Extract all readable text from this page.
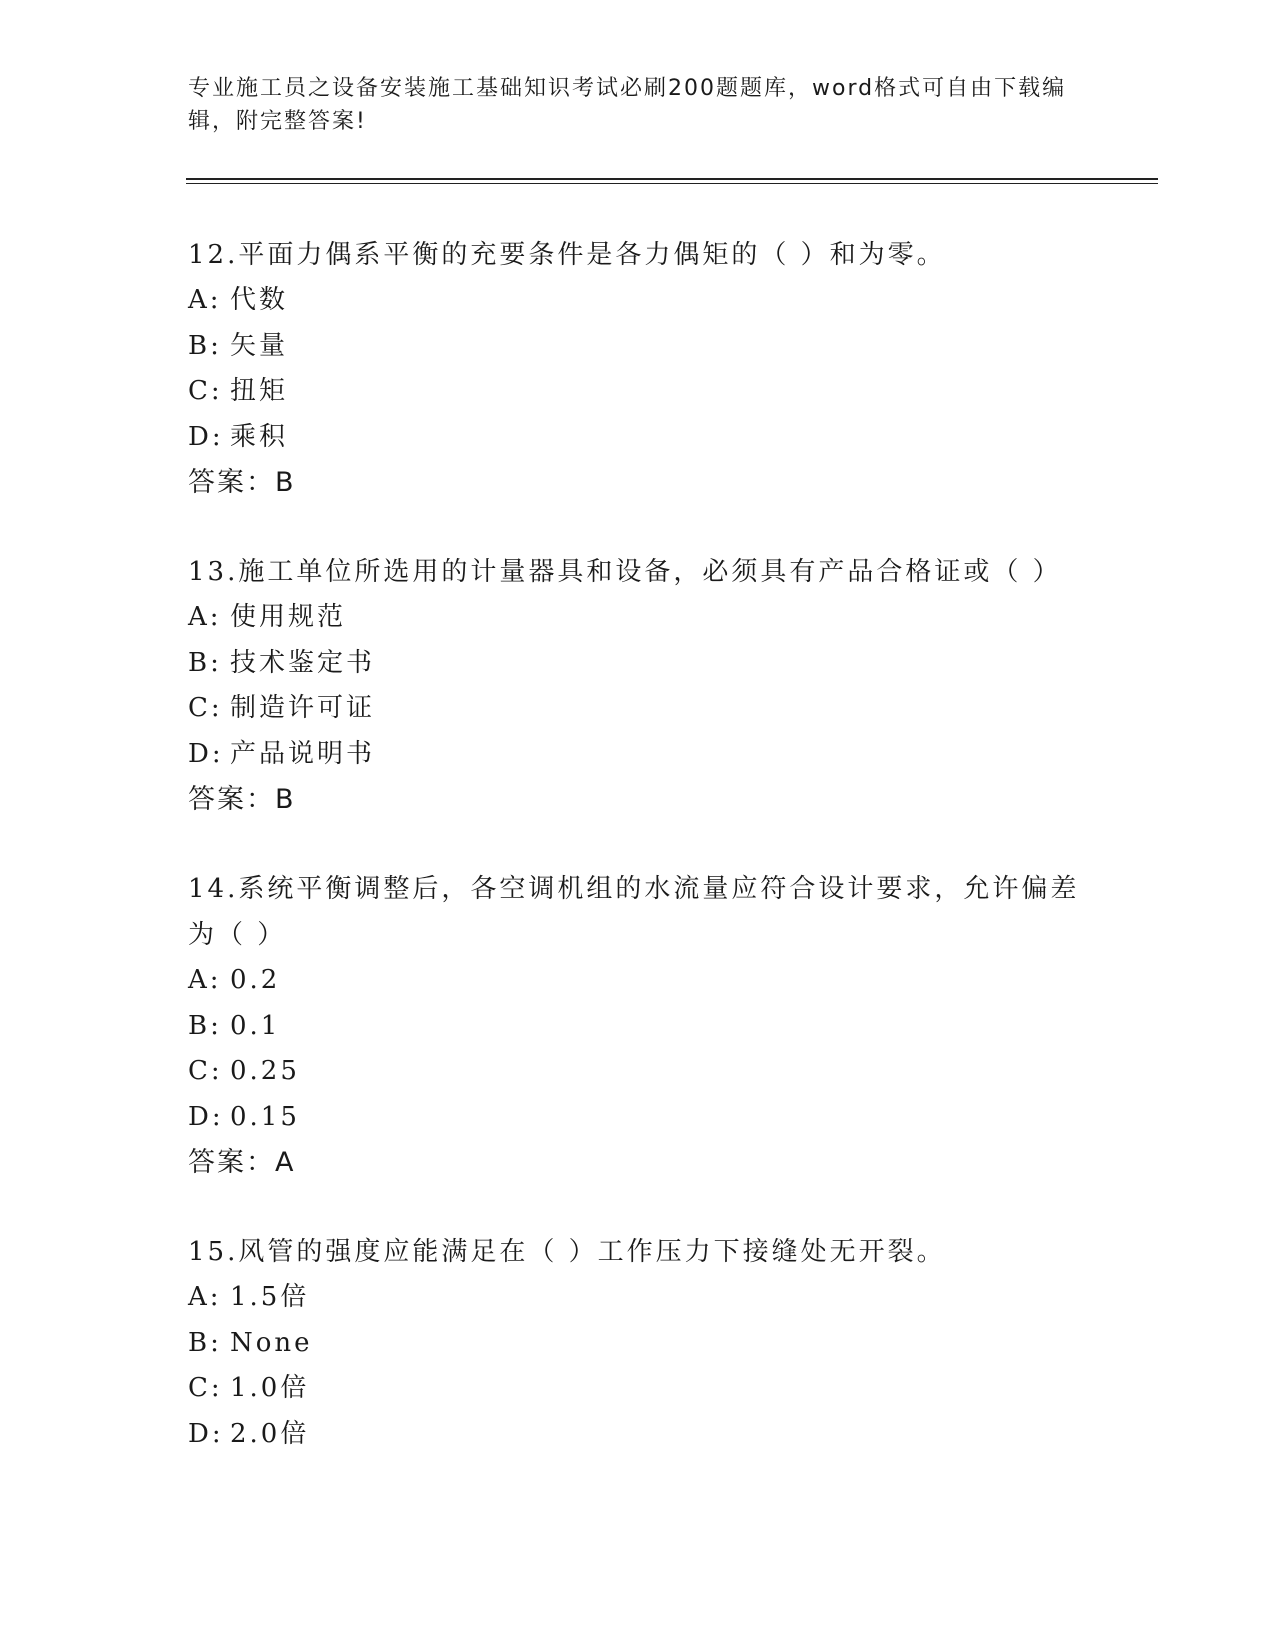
专业施工员之设备安装施工基础知识考试必刷200题题库，word格式可自由下载编辑，附完整答案!
12.平面力偶系平衡的充要条件是各力偶矩的（ ）和为零。
A: 代数
B: 矢量
C: 扭矩
D: 乘积
答案：B
13.施工单位所选用的计量器具和设备，必须具有产品合格证或（ ）
A: 使用规范
B: 技术鉴定书
C: 制造许可证
D: 产品说明书
答案：B
14.系统平衡调整后，各空调机组的水流量应符合设计要求，允许偏差为（ ）
A: 0.2
B: 0.1
C: 0.25
D: 0.15
答案：A
15.风管的强度应能满足在（ ）工作压力下接缝处无开裂。
A: 1.5倍
B: None
C: 1.0倍
D: 2.0倍
